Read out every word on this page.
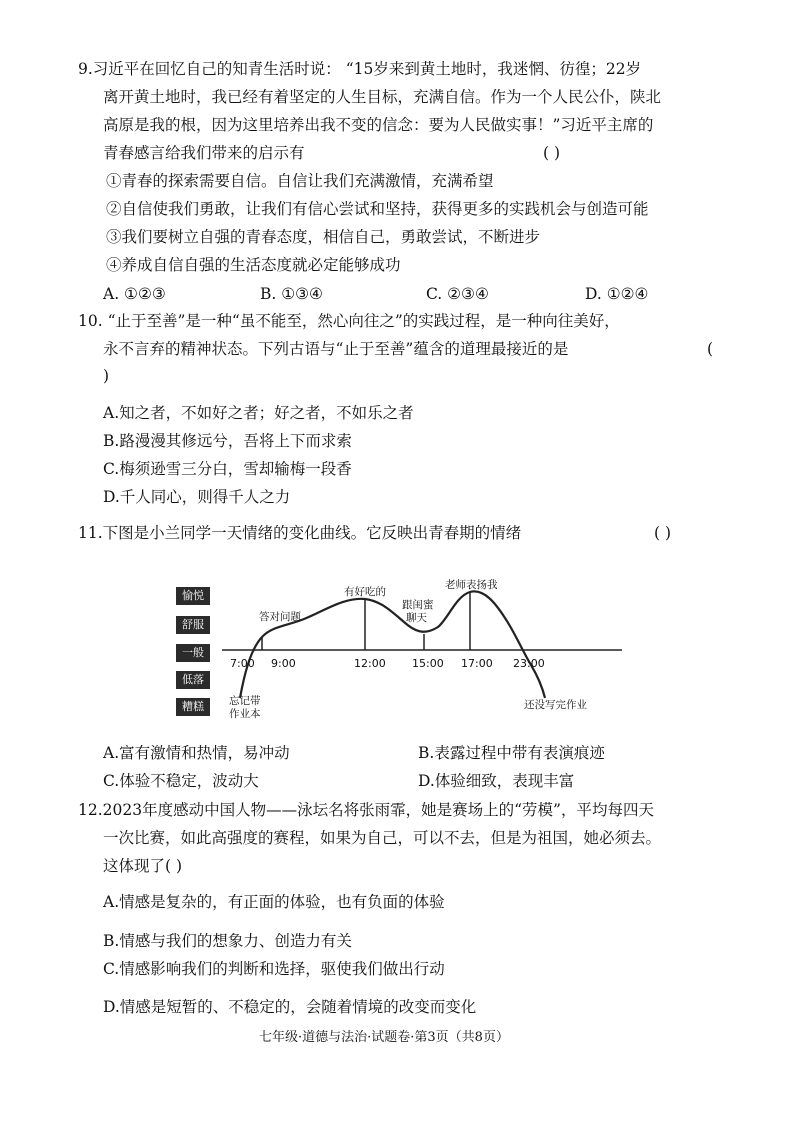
9.习近平在回忆自己的知青生活时说： “15岁来到黄土地时，我迷惘、彷徨；22岁
离开黄土地时，我已经有着坚定的人生目标，充满自信。作为一个人民公仆，陕北
高原是我的根，因为这里培养出我不变的信念：要为人民做实事！”习近平主席的
青春感言给我们带来的启示有	( )
①青春的探索需要自信。自信让我们充满激情，充满希望
②自信使我们勇敢，让我们有信心尝试和坚持，获得更多的实践机会与创造可能
③我们要树立自强的青春态度，相信自己，勇敢尝试，不断进步
④养成自信自强的生活态度就必定能够成功
A. ①②③	B. ①③④	C. ②③④	D. ①②④
10. “止于至善”是一种“虽不能至，然心向往之”的实践过程，是一种向往美好，
永不言弃的精神状态。下列古语与“止于至善”蕴含的道理最接近的是	(
)
A.知之者，不如好之者；好之者，不如乐之者
B.路漫漫其修远兮，吾将上下而求索
C.梅须逊雪三分白，雪却输梅一段香
D.千人同心，则得千人之力
11.下图是小兰同学一天情绪的变化曲线。它反映出青春期的情绪	( )
愉悦
舒服
一般
低落
糟糕
7:00 9:00	12:00 15:00 17:00 23:00
忘记带
作业本
答对问题
有好吃的
跟闺蜜
聊天
老师表扬我
还没写完作业
A.富有激情和热情，易冲动	B.表露过程中带有表演痕迹
C.体验不稳定，波动大	D.体验细致，表现丰富
12.2023年度感动中国人物——泳坛名将张雨霏，她是赛场上的“劳模”，平均每四天
一次比赛，如此高强度的赛程，如果为自己，可以不去，但是为祖国，她必须去。
这体现了( )
A.情感是复杂的，有正面的体验，也有负面的体验
B.情感与我们的想象力、创造力有关
C.情感影响我们的判断和选择，驱使我们做出行动
D.情感是短暂的、不稳定的，会随着情境的改变而变化
七年级·道德与法治·试题卷·第3页（共8页）
